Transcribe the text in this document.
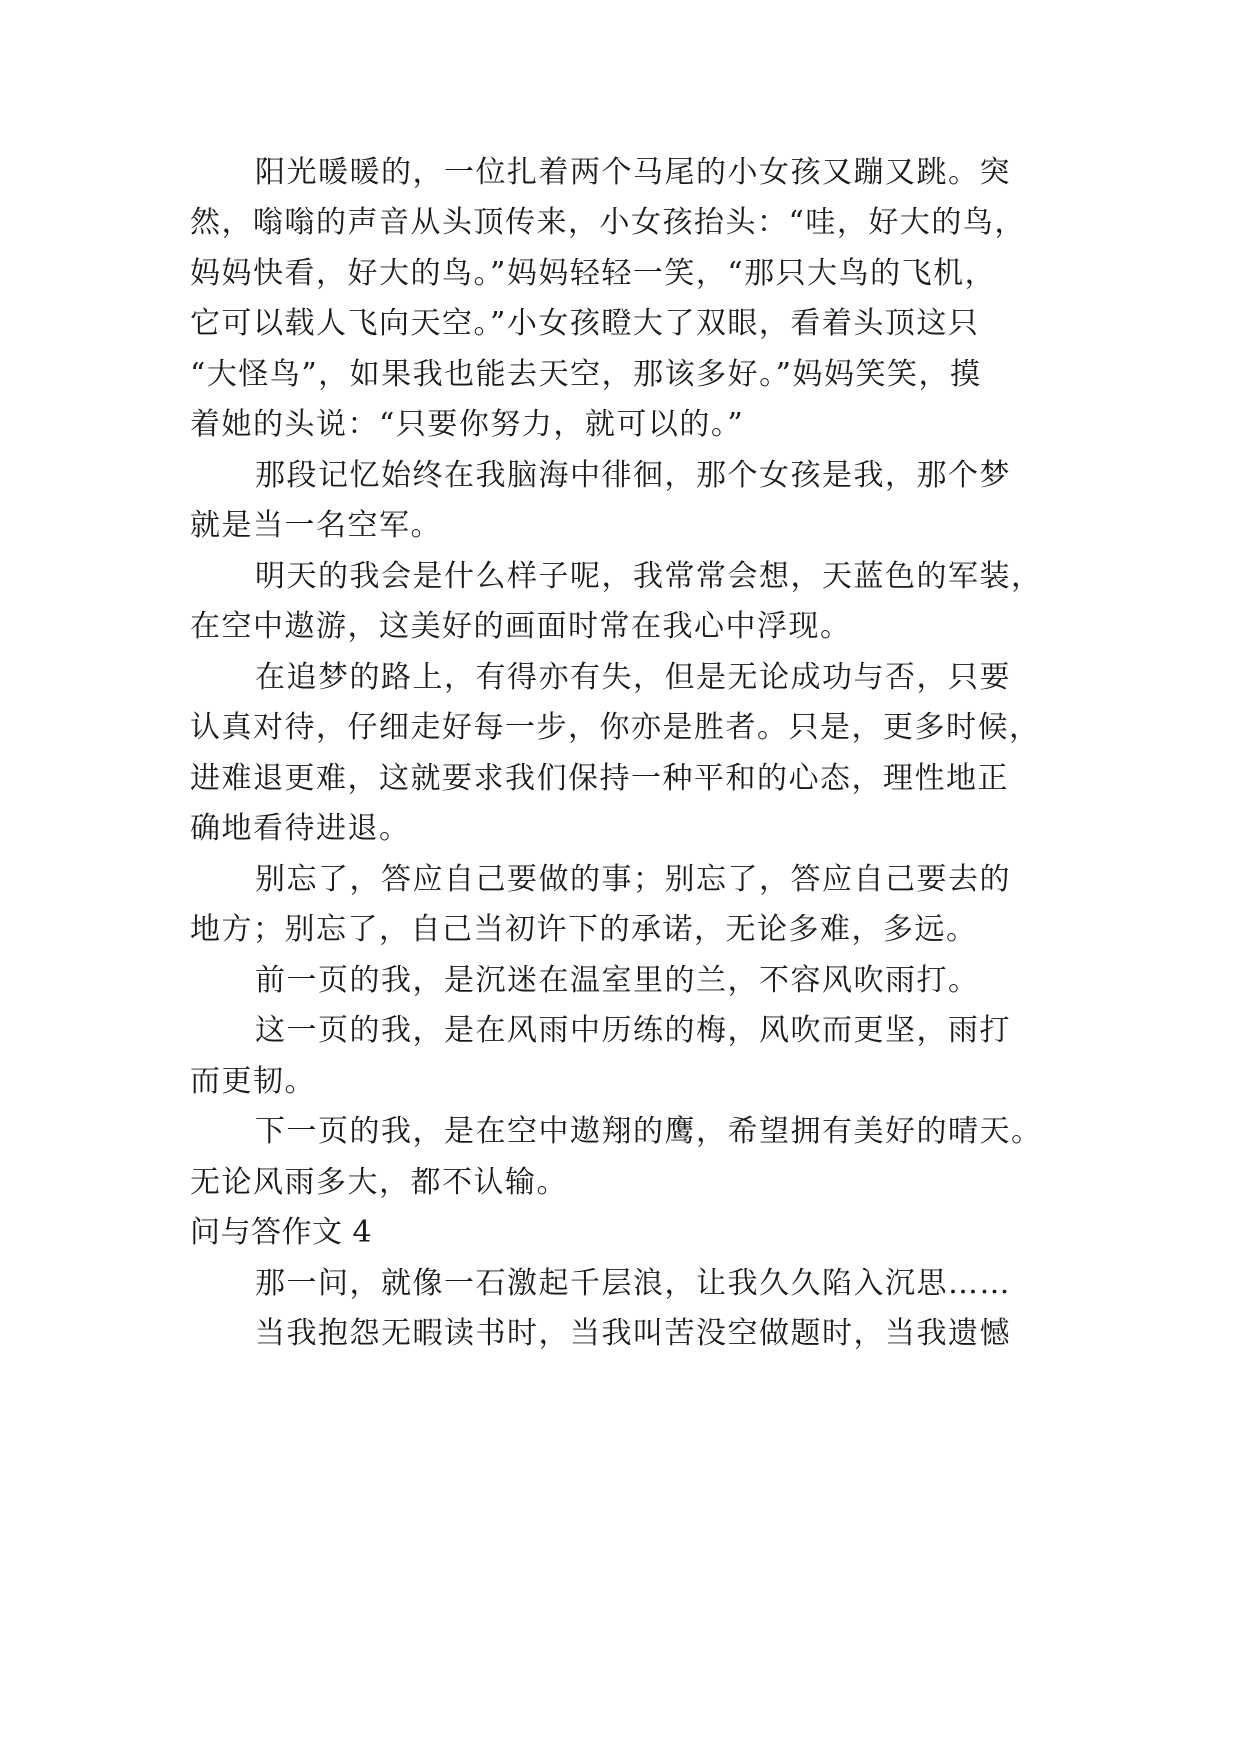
阳光暖暖的，一位扎着两个马尾的小女孩又蹦又跳。突
然，嗡嗡的声音从头顶传来，小女孩抬头：“哇，好大的鸟，
妈妈快看，好大的鸟。”妈妈轻轻一笑，“那只大鸟的飞机，
它可以载人飞向天空。”小女孩瞪大了双眼，看着头顶这只
“大怪鸟”，如果我也能去天空，那该多好。”妈妈笑笑，摸
着她的头说：“只要你努力，就可以的。”
那段记忆始终在我脑海中徘徊，那个女孩是我，那个梦
就是当一名空军。
明天的我会是什么样子呢，我常常会想，天蓝色的军装，
在空中遨游，这美好的画面时常在我心中浮现。
在追梦的路上，有得亦有失，但是无论成功与否，只要
认真对待，仔细走好每一步，你亦是胜者。只是，更多时候，
进难退更难，这就要求我们保持一种平和的心态，理性地正
确地看待进退。
别忘了，答应自己要做的事；别忘了，答应自己要去的
地方；别忘了，自己当初许下的承诺，无论多难，多远。
前一页的我，是沉迷在温室里的兰，不容风吹雨打。
这一页的我，是在风雨中历练的梅，风吹而更坚，雨打
而更韧。
下一页的我，是在空中遨翔的鹰，希望拥有美好的晴天。
无论风雨多大，都不认输。
问与答作文 4
那一问，就像一石激起千层浪，让我久久陷入沉思……
当我抱怨无暇读书时，当我叫苦没空做题时，当我遗憾
